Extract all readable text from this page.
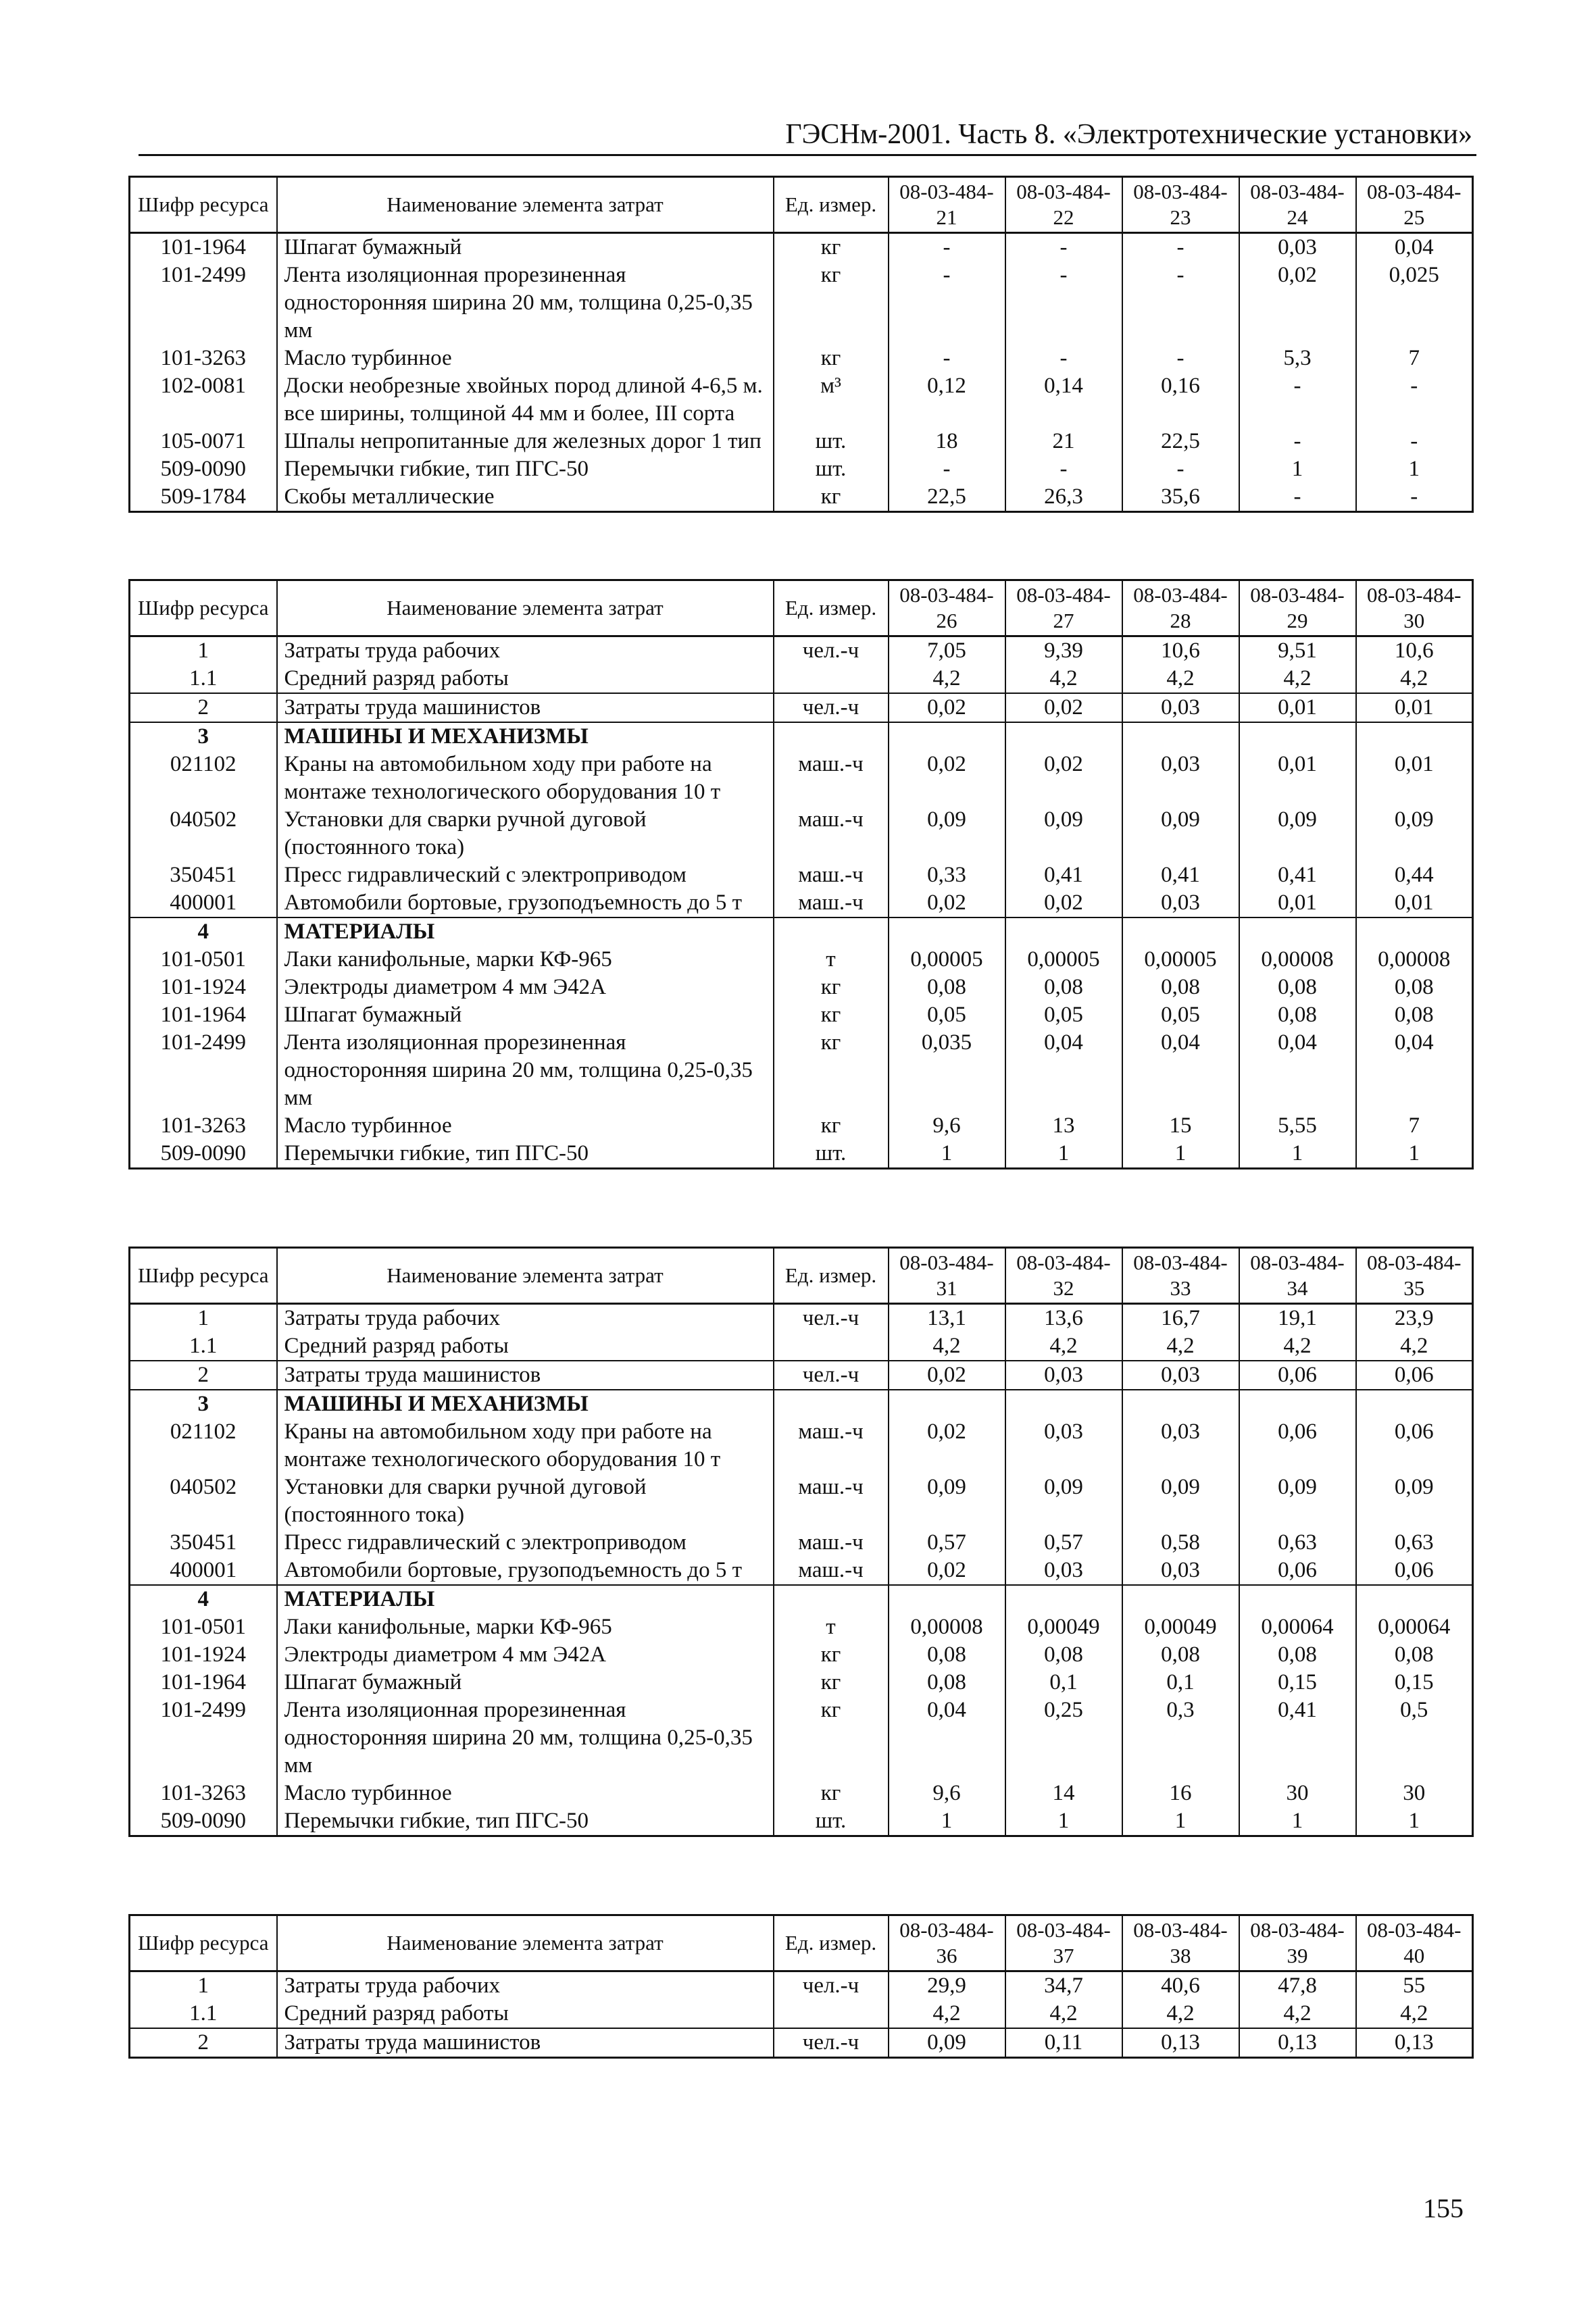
ГЭСНм-2001. Часть 8. «Электротехнические установки»
Шифр ресурса	Наименование элемента затрат	Ед. измер.	08-03-484-21	08-03-484-22	08-03-484-23	08-03-484-24	08-03-484-25
101-1964	Шпагат бумажный	кг	-	-	-	0,03	0,04
101-2499	Лента изоляционная прорезиненная односторонняя ширина 20 мм, толщина 0,25-0,35 мм	кг	-	-	-	0,02	0,025
101-3263	Масло турбинное	кг	-	-	-	5,3	7
102-0081	Доски необрезные хвойных пород длиной 4-6,5 м. все ширины, толщиной 44 мм и более, III сорта	м³	0,12	0,14	0,16	-	-
105-0071	Шпалы непропитанные для железных дорог 1 тип	шт.	18	21	22,5	-	-
509-0090	Перемычки гибкие, тип ПГС-50	шт.	-	-	-	1	1
509-1784	Скобы металлические	кг	22,5	26,3	35,6	-	-
Шифр ресурса	Наименование элемента затрат	Ед. измер.	08-03-484-26	08-03-484-27	08-03-484-28	08-03-484-29	08-03-484-30
1	Затраты труда рабочих	чел.-ч	7,05	9,39	10,6	9,51	10,6
1.1	Средний разряд работы		4,2	4,2	4,2	4,2	4,2
2	Затраты труда машинистов	чел.-ч	0,02	0,02	0,03	0,01	0,01
3	МАШИНЫ И МЕХАНИЗМЫ						
021102	Краны на автомобильном ходу при работе на монтаже технологического оборудования 10 т	маш.-ч	0,02	0,02	0,03	0,01	0,01
040502	Установки для сварки ручной дуговой (постоянного тока)	маш.-ч	0,09	0,09	0,09	0,09	0,09
350451	Пресс гидравлический с электроприводом	маш.-ч	0,33	0,41	0,41	0,41	0,44
400001	Автомобили бортовые, грузоподъемность до 5 т	маш.-ч	0,02	0,02	0,03	0,01	0,01
4	МАТЕРИАЛЫ						
101-0501	Лаки канифольные, марки КФ-965	т	0,00005	0,00005	0,00005	0,00008	0,00008
101-1924	Электроды диаметром 4 мм Э42А	кг	0,08	0,08	0,08	0,08	0,08
101-1964	Шпагат бумажный	кг	0,05	0,05	0,05	0,08	0,08
101-2499	Лента изоляционная прорезиненная односторонняя ширина 20 мм, толщина 0,25-0,35 мм	кг	0,035	0,04	0,04	0,04	0,04
101-3263	Масло турбинное	кг	9,6	13	15	5,55	7
509-0090	Перемычки гибкие, тип ПГС-50	шт.	1	1	1	1	1
Шифр ресурса	Наименование элемента затрат	Ед. измер.	08-03-484-31	08-03-484-32	08-03-484-33	08-03-484-34	08-03-484-35
1	Затраты труда рабочих	чел.-ч	13,1	13,6	16,7	19,1	23,9
1.1	Средний разряд работы		4,2	4,2	4,2	4,2	4,2
2	Затраты труда машинистов	чел.-ч	0,02	0,03	0,03	0,06	0,06
3	МАШИНЫ И МЕХАНИЗМЫ						
021102	Краны на автомобильном ходу при работе на монтаже технологического оборудования 10 т	маш.-ч	0,02	0,03	0,03	0,06	0,06
040502	Установки для сварки ручной дуговой (постоянного тока)	маш.-ч	0,09	0,09	0,09	0,09	0,09
350451	Пресс гидравлический с электроприводом	маш.-ч	0,57	0,57	0,58	0,63	0,63
400001	Автомобили бортовые, грузоподъемность до 5 т	маш.-ч	0,02	0,03	0,03	0,06	0,06
4	МАТЕРИАЛЫ						
101-0501	Лаки канифольные, марки КФ-965	т	0,00008	0,00049	0,00049	0,00064	0,00064
101-1924	Электроды диаметром 4 мм Э42А	кг	0,08	0,08	0,08	0,08	0,08
101-1964	Шпагат бумажный	кг	0,08	0,1	0,1	0,15	0,15
101-2499	Лента изоляционная прорезиненная односторонняя ширина 20 мм, толщина 0,25-0,35 мм	кг	0,04	0,25	0,3	0,41	0,5
101-3263	Масло турбинное	кг	9,6	14	16	30	30
509-0090	Перемычки гибкие, тип ПГС-50	шт.	1	1	1	1	1
Шифр ресурса	Наименование элемента затрат	Ед. измер.	08-03-484-36	08-03-484-37	08-03-484-38	08-03-484-39	08-03-484-40
1	Затраты труда рабочих	чел.-ч	29,9	34,7	40,6	47,8	55
1.1	Средний разряд работы		4,2	4,2	4,2	4,2	4,2
2	Затраты труда машинистов	чел.-ч	0,09	0,11	0,13	0,13	0,13
155
